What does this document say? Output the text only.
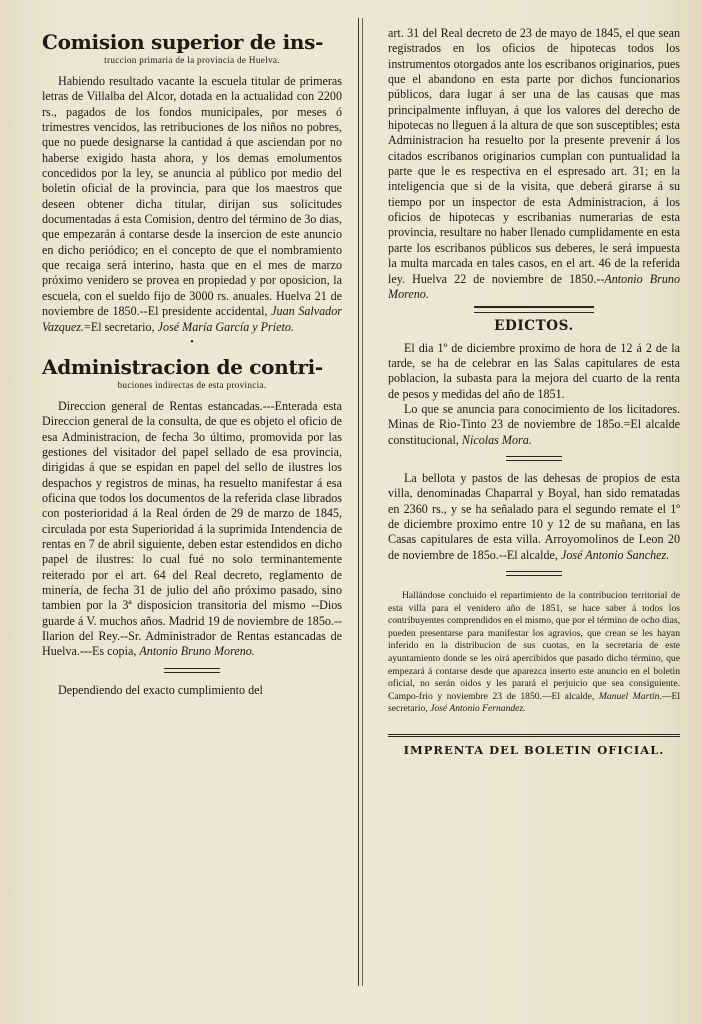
Comision superior de ins-
truccion primaria de la provincia de Huelva.

Habiendo resultado vacante la escuela titular de primeras letras de Villalba del Alcor, dotada en la actualidad con 2200 rs., pagados de los fondos municipales, por meses ó trimestres vencidos, las retribuciones de los niños no pobres, que no puede designarse la cantidad á que asciendan por no haberse exigido hasta ahora, y los demas emolumentos concedidos por la ley, se anuncia al público por medio del boletin oficial de la provincia, para que los maestros que deseen obtener dicha titular, dirijan sus solicitudes documentadas á esta Comision, dentro del término de 3o dias, que empezarán á contarse desde la insercion de este anuncio en dicho periódico; en el concepto de que el nombramiento que recaiga será interino, hasta que en el mes de marzo próximo venidero se provea en propiedad y por oposicion, la escuela, con el sueldo fijo de 3000 rs. anuales. Huelva 21 de noviembre de 1850.--El presidente accidental, Juan Salvador Vazquez.=El secretario, José María García y Prieto.

•
Administracion de contri-
buciones indirectas de esta provincia.

Direccion general de Rentas estancadas.---Enterada esta Direccion general de la consulta, de que es objeto el oficio de esa Administracion, de fecha 3o último, promovida por las gestiones del visitador del papel sellado de esa provincia, dirigidas á que se espidan en papel del sello de ilustres los despachos y registros de minas, ha resuelto manifestar á esa oficina que todos los documentos de la referida clase librados con posterioridad á la Real órden de 29 de marzo de 1845, circulada por esta Superioridad á la suprimida Intendencia de rentas en 7 de abril siguiente, deben estar estendidos en dicho papel de ilustres: lo cual fué no solo terminantemente reiterado por el art. 64 del Real decreto, reglamento de minería, de fecha 31 de julio del año próximo pasado, sino tambien por la 3ª disposicion transitoria del mismo --Dios guarde á V. muchos años. Madrid 19 de noviembre de 185o.--Ilarion del Rey.--Sr. Administrador de Rentas estancadas de Huelva.---Es copia, Antonio Bruno Moreno.

Dependiendo del exacto cumplimiento del

art. 31 del Real decreto de 23 de mayo de 1845, el que sean registrados en los oficios de hipotecas todos los instrumentos otorgados ante los escribanos originarios, pues que el abandono en esta parte por dichos funcionarios públicos, dara lugar á ser una de las causas que mas principalmente influyan, á que los valores del derecho de hipotecas no lleguen á la altura de que son susceptibles; esta Administracion ha resuelto por la presente prevenir á los citados escribanos originarios cumplan con puntualidad la parte que le es respectiva en el espresado art. 31; en la inteligencia que si de la visita, que deberá girarse á su tiempo por un inspector de esta Administracion, á los oficios de hipotecas y escribanias numerarias de esta provincia, resultare no haber llenado cumplidamente en esta parte los escribanos públicos sus deberes, le será impuesta la multa marcada en tales casos, en el art. 46 de la referida ley. Huelva 22 de noviembre de 1850.--Antonio Bruno Moreno.

EDICTOS.

El dia 1º de diciembre proximo de hora de 12 á 2 de la tarde, se ha de celebrar en las Salas capitulares de esta poblacion, la subasta para la mejora del cuarto de la renta de pesos y medidas del año de 1851.

Lo que se anuncia para conocimiento de los licitadores. Minas de Rio-Tinto 23 de noviembre de 185o.=El alcalde constitucional, Nicolas Mora.

La bellota y pastos de las dehesas de propios de esta villa, denominadas Chaparral y Boyal, han sido rematadas en 2360 rs., y se ha señalado para el segundo remate el 1º de diciembre proximo entre 10 y 12 de su mañana, en las Casas capitulares de esta villa. Arroyomolinos de Leon 20 de noviembre de 185o.--El alcalde, José Antonio Sanchez.

Hallándose concluido el repartimiento de la contribucion territorial de esta villa para el venidero año de 1851, se hace saber á todos los contribuyentes comprendidos en el mismo, que por el término de ocho dias, pueden presentarse para manifestar los agravios, que crean se les hayan inferido en la distribucion de sus cuotas, en la secretaría de este ayuntamiento donde se les oirá apercibidos que pasado dicho término, que empezará á contarse desde que aparezca inserto este anuncio en el boletin oficial, no serán oidos y les parará el perjuicio que sea consiguiente. Campo-frio y noviembre 23 de 1850.—El alcalde, Manuel Martin.—El secretario, José Antonio Fernandez.

IMPRENTA DEL BOLETIN OFICIAL.
